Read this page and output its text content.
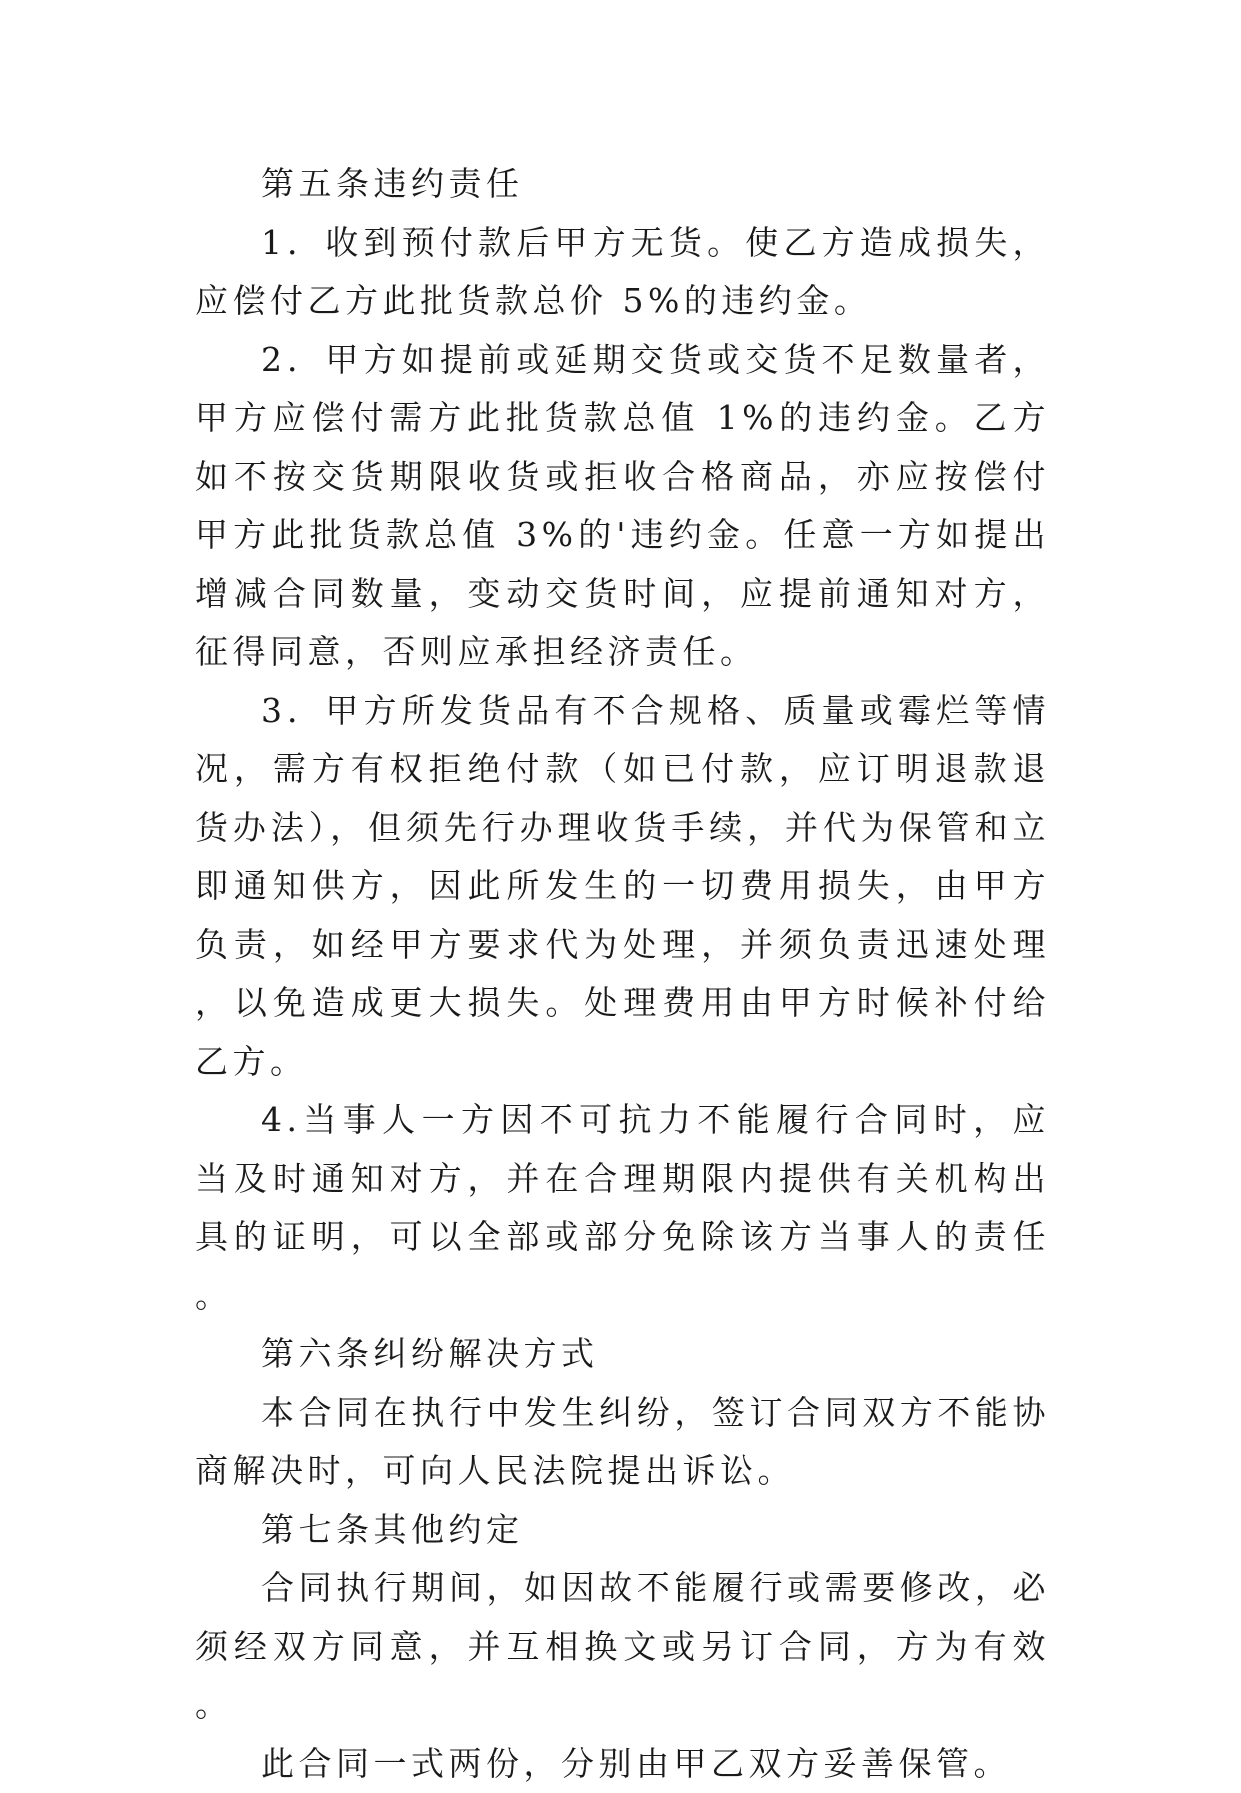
第五条违约责任

1．收到预付款后甲方无货。使乙方造成损失，应偿付乙方此批货款总价 5%的违约金。

2．甲方如提前或延期交货或交货不足数量者，甲方应偿付需方此批货款总值 1%的违约金。乙方如不按交货期限收货或拒收合格商品，亦应按偿付甲方此批货款总值 3%的'违约金。任意一方如提出增减合同数量，变动交货时间，应提前通知对方，征得同意，否则应承担经济责任。

3．甲方所发货品有不合规格、质量或霉烂等情况，需方有权拒绝付款（如已付款，应订明退款退货办法），但须先行办理收货手续，并代为保管和立即通知供方，因此所发生的一切费用损失，由甲方负责，如经甲方要求代为处理，并须负责迅速处理，以免造成更大损失。处理费用由甲方时候补付给乙方。

4.当事人一方因不可抗力不能履行合同时，应当及时通知对方，并在合理期限内提供有关机构出具的证明，可以全部或部分免除该方当事人的责任。

第六条纠纷解决方式

本合同在执行中发生纠纷，签订合同双方不能协商解决时，可向人民法院提出诉讼。

第七条其他约定

合同执行期间，如因故不能履行或需要修改，必须经双方同意，并互相换文或另订合同，方为有效。

此合同一式两份，分别由甲乙双方妥善保管。
